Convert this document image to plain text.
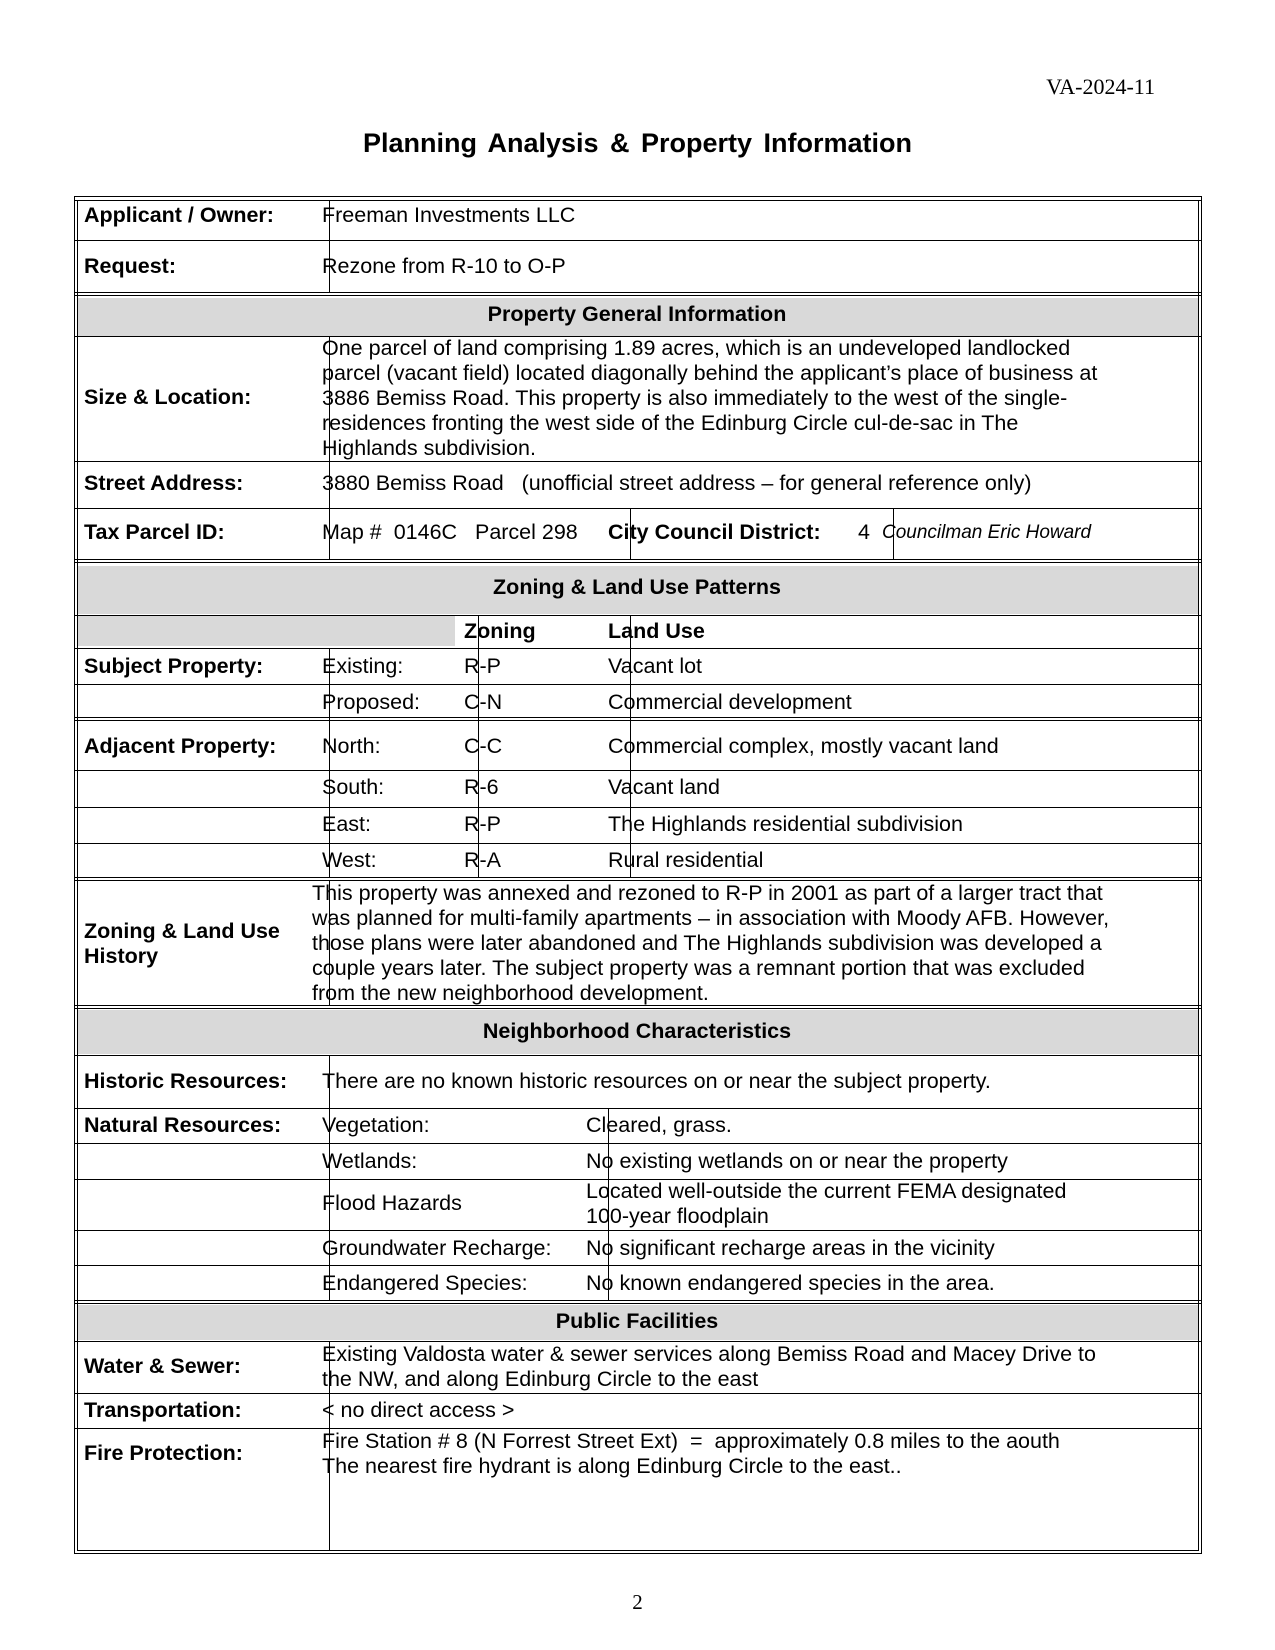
VA-2024-11
Planning Analysis & Property Information
Applicant / Owner: Freeman Investments LLC
Request:	Rezone from R-10 to O-P
Property General Information
Size & Location:
One parcel of land comprising 1.89 acres, which is an undeveloped landlocked
parcel (vacant field) located diagonally behind the applicant’s place of business at
3886 Bemiss Road. This property is also immediately to the west of the single-
residences fronting the west side of the Edinburg Circle cul-de-sac in The
Highlands subdivision.
Street Address:	3880 Bemiss Road   (unofficial street address – for general reference only)
Tax Parcel ID:	Map #  0146C   Parcel 298 City Council District: 4 Councilman Eric Howard
Zoning & Land Use Patterns
Zoning	Land Use
Subject Property:	Existing:	R-P	Vacant lot
Proposed: C-N	Commercial development
Adjacent Property: North:	C-C	Commercial complex, mostly vacant land
South:	R-6	Vacant land
East:	R-P	The Highlands residential subdivision
West:	R-A	Rural residential
Zoning & Land Use
History
This property was annexed and rezoned to R-P in 2001 as part of a larger tract that
was planned for multi-family apartments – in association with Moody AFB. However,
those plans were later abandoned and The Highlands subdivision was developed a
couple years later. The subject property was a remnant portion that was excluded
from the new neighborhood development.
Neighborhood Characteristics
Historic Resources: There are no known historic resources on or near the subject property.
Natural Resources: Vegetation:	Cleared, grass.
Wetlands:	No existing wetlands on or near the property
Flood Hazards	Located well-outside the current FEMA designated
100-year floodplain
Groundwater Recharge: No significant recharge areas in the vicinity
Endangered Species:	No known endangered species in the area.
Public Facilities
Water & Sewer:	Existing Valdosta water & sewer services along Bemiss Road and Macey Drive to
the NW, and along Edinburg Circle to the east
Transportation:	< no direct access >
Fire Protection:	Fire Station # 8 (N Forrest Street Ext)  =  approximately 0.8 miles to the aouth
The nearest fire hydrant is along Edinburg Circle to the east..
2
